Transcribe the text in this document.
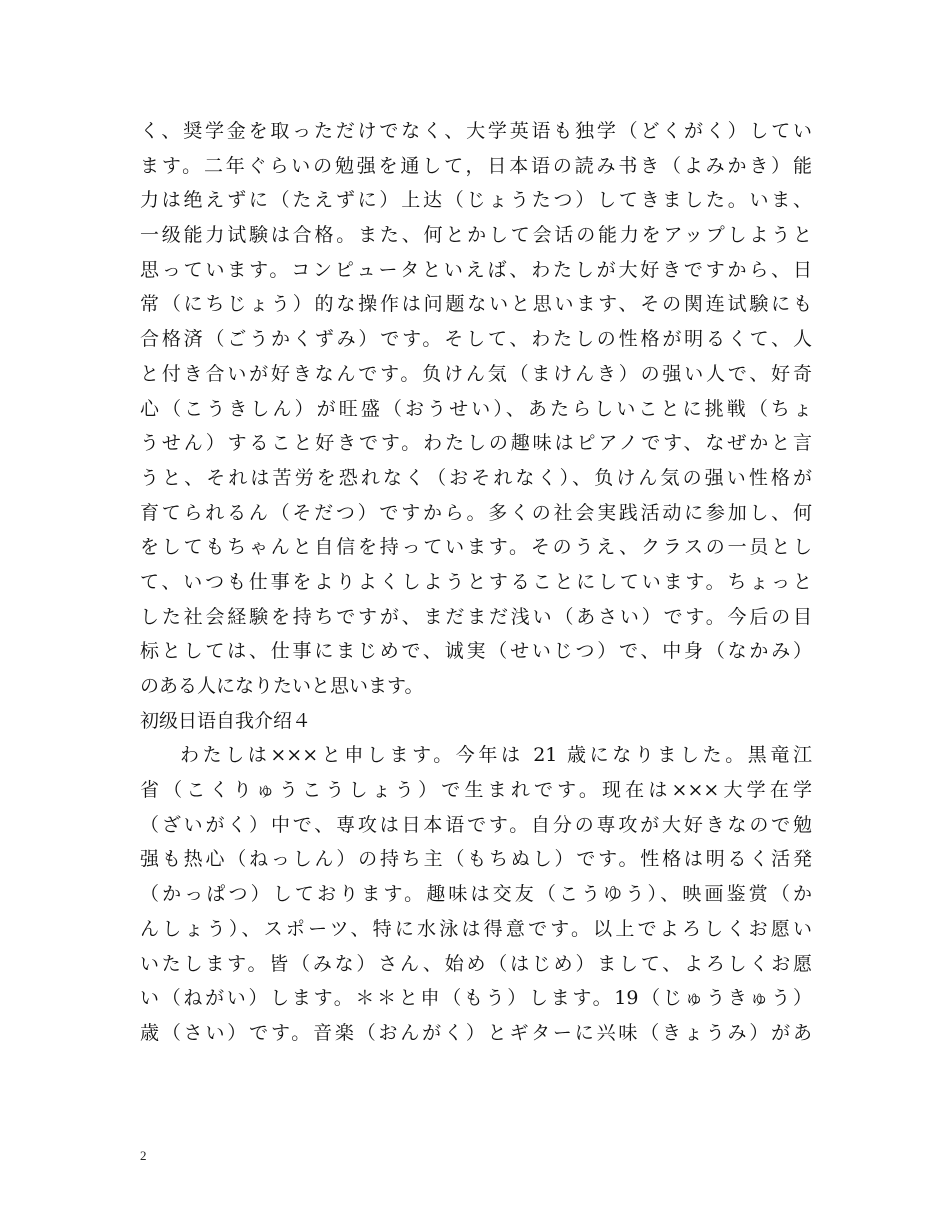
く、奨学金を取っただけでなく、大学英语も独学（どくがく）してい
ます。二年ぐらいの勉强を通して，日本语の読み书き（よみかき）能
力は绝えずに（たえずに）上达（じょうたつ）してきました。いま、
一级能力试験は合格。また、何とかして会话の能力をアップしようと
思っています。コンピュータといえば、わたしが大好きですから、日
常（にちじょう）的な操作は问题ないと思います、その関连试験にも
合格済（ごうかくずみ）です。そして、わたしの性格が明るくて、人
と付き合いが好きなんです。负けん気（まけんき）の强い人で、好奇
心（こうきしん）が旺盛（おうせい）、あたらしいことに挑戦（ちょ
うせん）すること好きです。わたしの趣味はピアノです、なぜかと言
うと、それは苦労を恐れなく（おそれなく）、负けん気の强い性格が
育てられるん（そだつ）ですから。多くの社会実践活动に参加し、何
をしてもちゃんと自信を持っています。そのうえ、クラスの一员とし
て、いつも仕事をよりよくしようとすることにしています。ちょっと
した社会経験を持ちですが、まだまだ浅い（あさい）です。今后の目
标としては、仕事にまじめで、诚実（せいじつ）で、中身（なかみ）
のある人になりたいと思います。
初级日语自我介绍４
わたしは×××と申します。今年は 21 歳になりました。黒竜江
省（こくりゅうこうしょう）で生まれです。现在は×××大学在学
（ざいがく）中で、専攻は日本语です。自分の専攻が大好きなので勉
强も热心（ねっしん）の持ち主（もちぬし）です。性格は明るく活発
（かっぱつ）しております。趣味は交友（こうゆう）、映画鉴赏（か
んしょう）、スポーツ、特に水泳は得意です。以上でよろしくお愿い
いたします。皆（みな）さん、始め（はじめ）まして、よろしくお愿
い（ねがい）します。＊＊と申（もう）します。19（じゅうきゅう）
歳（さい）です。音楽（おんがく）とギターに兴味（きょうみ）があ
2
